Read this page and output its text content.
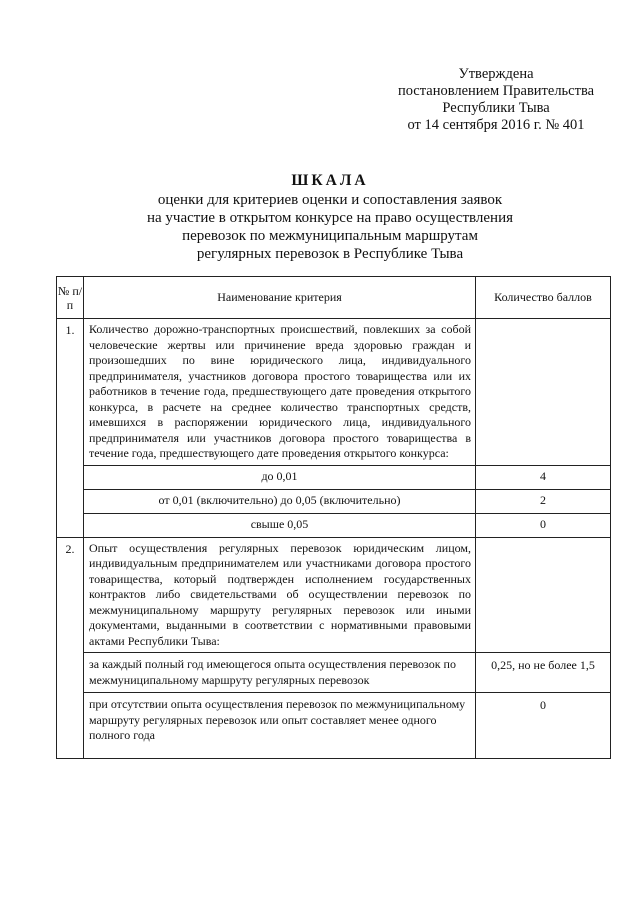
Утверждена
постановлением Правительства
Республики Тыва
от 14 сентября 2016 г. № 401
ШКАЛА
оценки для критериев оценки и сопоставления заявок
на участие в открытом конкурсе на право осуществления
перевозок по межмуниципальным маршрутам
регулярных перевозок в Республике Тыва
№ п/п	Наименование критерия	Количество баллов
1.	Количество дорожно-транспортных происшествий, повлекших за собой человеческие жертвы или причинение вреда здоровью граждан и произошедших по вине юридического лица, индивидуального предпринимателя, участников договора простого товарищества или их работников в течение года, предшествующего дате проведения открытого конкурса, в расчете на среднее количество транспортных средств, имевшихся в распоряжении юридического лица, индивидуального предпринимателя или участников договора простого товарищества в течение года, предшествующего дате проведения открытого конкурса:	
	до 0,01	4
	от 0,01 (включительно) до 0,05 (включительно)	2
	свыше 0,05	0
2.	Опыт осуществления регулярных перевозок юридическим лицом, индивидуальным предпринимателем или участниками договора простого товарищества, который подтвержден исполнением государственных контрактов либо свидетельствами об осуществлении перевозок по межмуниципальному маршруту регулярных перевозок или иными документами, выданными в соответствии с нормативными правовыми актами Республики Тыва:	
	за каждый полный год имеющегося опыта осуществления перевозок по межмуниципальному маршруту регулярных перевозок	0,25, но не более 1,5
	при отсутствии опыта осуществления перевозок по межмуниципальному маршруту регулярных перевозок или опыт составляет менее одного полного года	0
